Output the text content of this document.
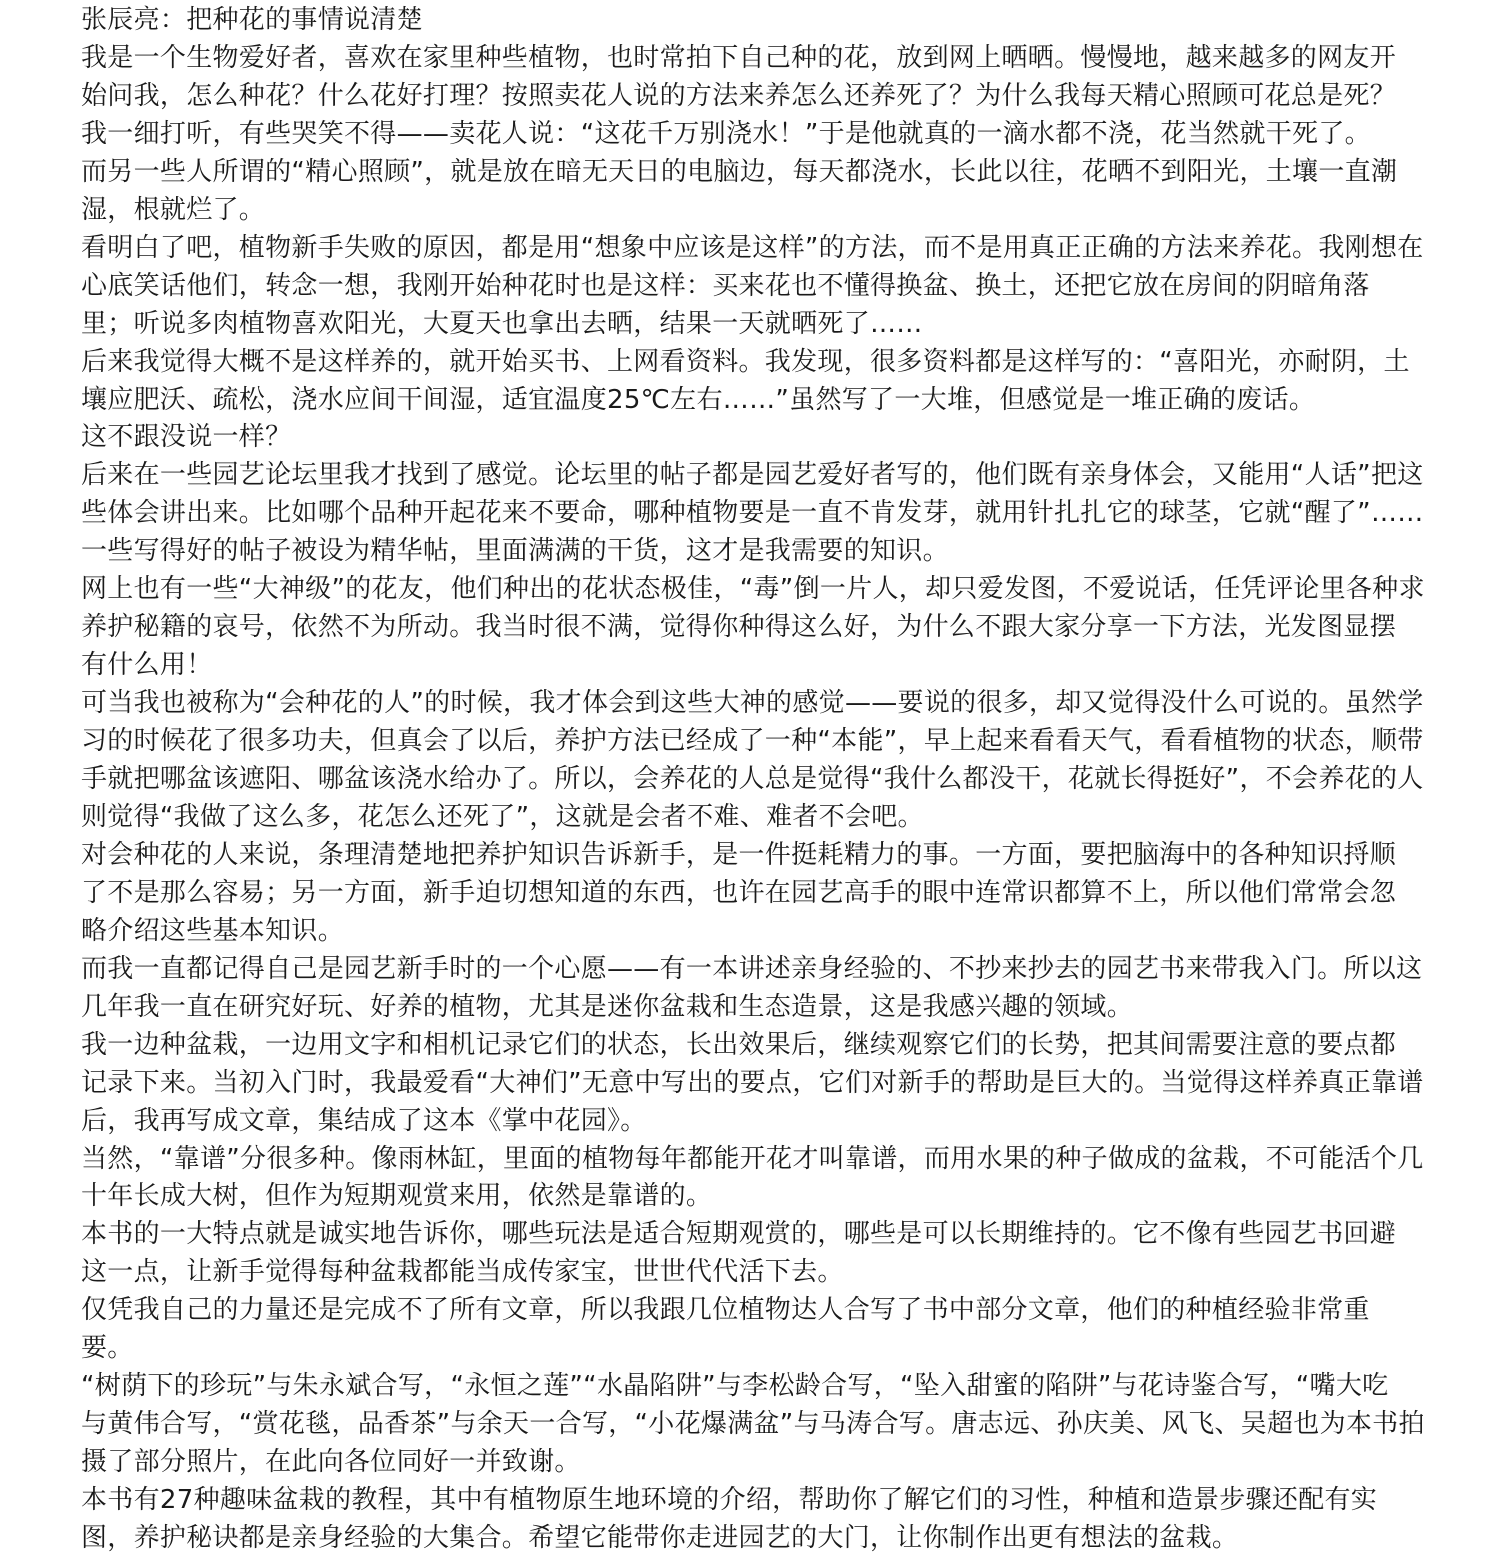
张辰亮：把种花的事情说清楚
我是一个生物爱好者，喜欢在家里种些植物，也时常拍下自己种的花，放到网上晒晒。慢慢地，越来越多的网友开
始问我，怎么种花？什么花好打理？按照卖花人说的方法来养怎么还养死了？为什么我每天精心照顾可花总是死？
我一细打听，有些哭笑不得——卖花人说：“这花千万别浇水！”于是他就真的一滴水都不浇，花当然就干死了。
而另一些人所谓的“精心照顾”，就是放在暗无天日的电脑边，每天都浇水，长此以往，花晒不到阳光，土壤一直潮
湿，根就烂了。
看明白了吧，植物新手失败的原因，都是用“想象中应该是这样”的方法，而不是用真正正确的方法来养花。我刚想在
心底笑话他们，转念一想，我刚开始种花时也是这样：买来花也不懂得换盆、换土，还把它放在房间的阴暗角落
里；听说多肉植物喜欢阳光，大夏天也拿出去晒，结果一天就晒死了……
后来我觉得大概不是这样养的，就开始买书、上网看资料。我发现，很多资料都是这样写的：“喜阳光，亦耐阴，土
壤应肥沃、疏松，浇水应间干间湿，适宜温度25℃左右……”虽然写了一大堆，但感觉是一堆正确的废话。
这不跟没说一样？
后来在一些园艺论坛里我才找到了感觉。论坛里的帖子都是园艺爱好者写的，他们既有亲身体会，又能用“人话”把这
些体会讲出来。比如哪个品种开起花来不要命，哪种植物要是一直不肯发芽，就用针扎扎它的球茎，它就“醒了”……
一些写得好的帖子被设为精华帖，里面满满的干货，这才是我需要的知识。
网上也有一些“大神级”的花友，他们种出的花状态极佳，“毒”倒一片人，却只爱发图，不爱说话，任凭评论里各种求
养护秘籍的哀号，依然不为所动。我当时很不满，觉得你种得这么好，为什么不跟大家分享一下方法，光发图显摆
有什么用！
可当我也被称为“会种花的人”的时候，我才体会到这些大神的感觉——要说的很多，却又觉得没什么可说的。虽然学
习的时候花了很多功夫，但真会了以后，养护方法已经成了一种“本能”，早上起来看看天气，看看植物的状态，顺带
手就把哪盆该遮阳、哪盆该浇水给办了。所以，会养花的人总是觉得“我什么都没干，花就长得挺好”，不会养花的人
则觉得“我做了这么多，花怎么还死了”，这就是会者不难、难者不会吧。
对会种花的人来说，条理清楚地把养护知识告诉新手，是一件挺耗精力的事。一方面，要把脑海中的各种知识捋顺
了不是那么容易；另一方面，新手迫切想知道的东西，也许在园艺高手的眼中连常识都算不上，所以他们常常会忽
略介绍这些基本知识。
而我一直都记得自己是园艺新手时的一个心愿——有一本讲述亲身经验的、不抄来抄去的园艺书来带我入门。所以这
几年我一直在研究好玩、好养的植物，尤其是迷你盆栽和生态造景，这是我感兴趣的领域。
我一边种盆栽，一边用文字和相机记录它们的状态，长出效果后，继续观察它们的长势，把其间需要注意的要点都
记录下来。当初入门时，我最爱看“大神们”无意中写出的要点，它们对新手的帮助是巨大的。当觉得这样养真正靠谱
后，我再写成文章，集结成了这本《掌中花园》。
当然，“靠谱”分很多种。像雨林缸，里面的植物每年都能开花才叫靠谱，而用水果的种子做成的盆栽，不可能活个几
十年长成大树，但作为短期观赏来用，依然是靠谱的。
本书的一大特点就是诚实地告诉你，哪些玩法是适合短期观赏的，哪些是可以长期维持的。它不像有些园艺书回避
这一点，让新手觉得每种盆栽都能当成传家宝，世世代代活下去。
仅凭我自己的力量还是完成不了所有文章，所以我跟几位植物达人合写了书中部分文章，他们的种植经验非常重
要。
“树荫下的珍玩”与朱永斌合写，“永恒之莲”“水晶陷阱”与李松龄合写，“坠入甜蜜的陷阱”与花诗鉴合写，“嘴大吃
与黄伟合写，“赏花毯，品香茶”与余天一合写，“小花爆满盆”与马涛合写。唐志远、孙庆美、风飞、吴超也为本书拍
摄了部分照片，在此向各位同好一并致谢。
本书有27种趣味盆栽的教程，其中有植物原生地环境的介绍，帮助你了解它们的习性，种植和造景步骤还配有实
图，养护秘诀都是亲身经验的大集合。希望它能带你走进园艺的大门，让你制作出更有想法的盆栽。
